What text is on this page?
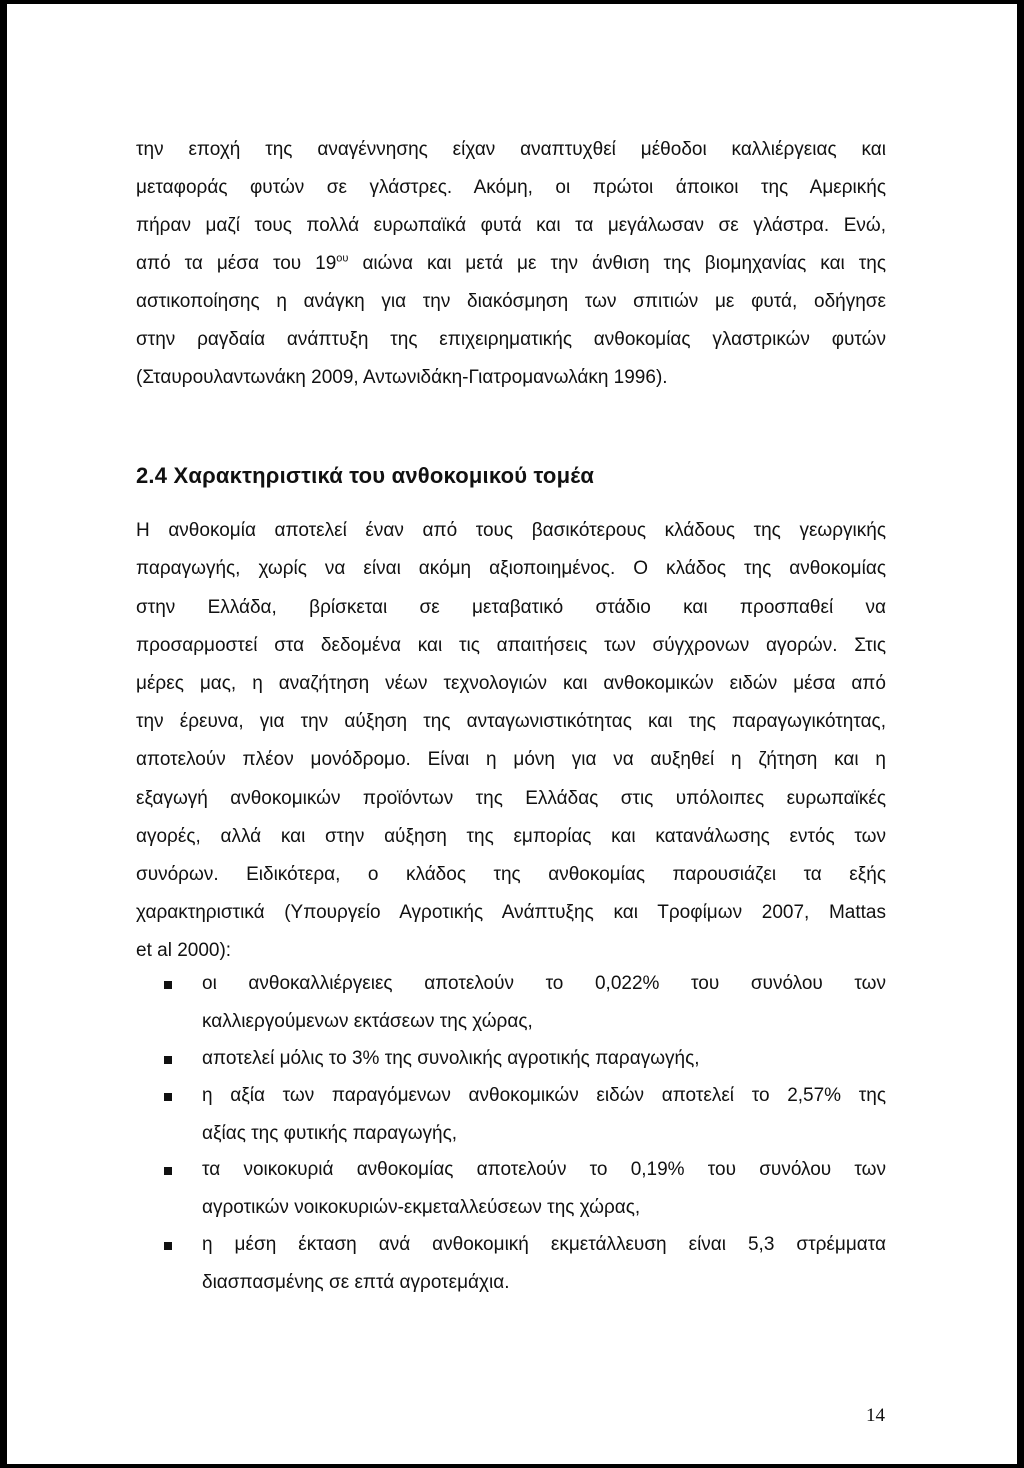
την εποχή της αναγέννησης είχαν αναπτυχθεί μέθοδοι καλλιέργειας και
μεταφοράς φυτών σε γλάστρες. Ακόμη, οι πρώτοι άποικοι της Αμερικής
πήραν μαζί τους πολλά ευρωπαϊκά φυτά και τα μεγάλωσαν σε γλάστρα. Ενώ,
από τα μέσα του $19^{o\upsilon}$ αιώνα και μετά με την άνθιση της βιομηχανίας και της
αστικοποίησης η ανάγκη για την διακόσμηση των σπιτιών με φυτά, οδήγησε
στην ραγδαία ανάπτυξη της επιχειρηματικής ανθοκομίας γλαστρικών φυτών
(Σταυρουλαντωνάκη 2009, Αντωνιδάκη-Γιατρομανωλάκη 1996).
2.4 Χαρακτηριστικά του ανθοκομικού τομέα
Η ανθοκομία αποτελεί έναν από τους βασικότερους κλάδους της γεωργικής
παραγωγής, χωρίς να είναι ακόμη αξιοποιημένος. Ο κλάδος της ανθοκομίας
στην Ελλάδα, βρίσκεται σε μεταβατικό στάδιο και προσπαθεί να
προσαρμοστεί στα δεδομένα και τις απαιτήσεις των σύγχρονων αγορών. Στις
μέρες μας, η αναζήτηση νέων τεχνολογιών και ανθοκομικών ειδών μέσα από
την έρευνα, για την αύξηση της ανταγωνιστικότητας και της παραγωγικότητας,
αποτελούν πλέον μονόδρομο. Είναι η μόνη για να αυξηθεί η ζήτηση και η
εξαγωγή ανθοκομικών προϊόντων της Ελλάδας στις υπόλοιπες ευρωπαϊκές
αγορές, αλλά και στην αύξηση της εμπορίας και κατανάλωσης εντός των
συνόρων. Ειδικότερα, ο κλάδος της ανθοκομίας παρουσιάζει τα εξής
χαρακτηριστικά (Υπουργείο Αγροτικής Ανάπτυξης και Τροφίμων 2007, Mattas
et al 2000):
οι ανθοκαλλιέργειες αποτελούν το 0,022% του συνόλου των
καλλιεργούμενων εκτάσεων της χώρας,
αποτελεί μόλις το 3% της συνολικής αγροτικής παραγωγής,
η αξία των παραγόμενων ανθοκομικών ειδών αποτελεί το 2,57% της
αξίας της φυτικής παραγωγής,
τα νοικοκυριά ανθοκομίας αποτελούν το 0,19% του συνόλου των
αγροτικών νοικοκυριών-εκμεταλλεύσεων της χώρας,
η μέση έκταση ανά ανθοκομική εκμετάλλευση είναι 5,3 στρέμματα
διασπασμένης σε επτά αγροτεμάχια.
14
